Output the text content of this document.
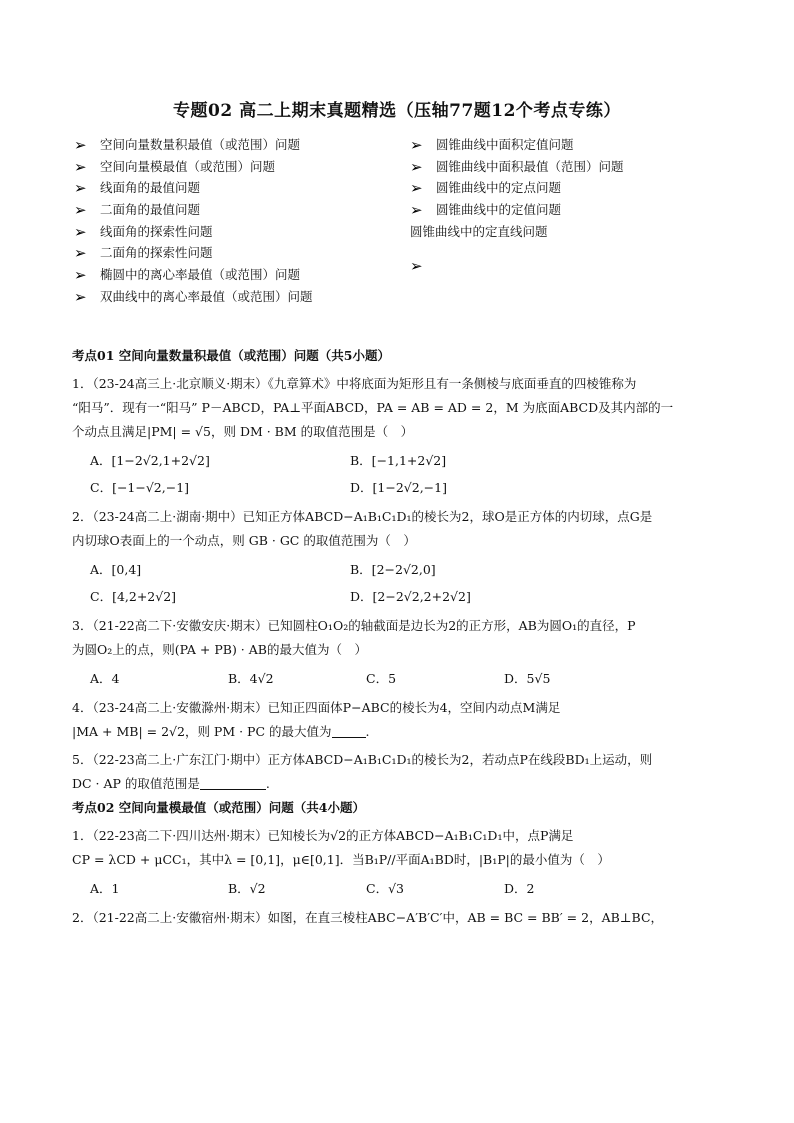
专题02 高二上期末真题精选（压轴77题12个考点专练）
➢ 空间向量数量积最值（或范围）问题
➢ 空间向量模最值（或范围）问题
➢ 线面角的最值问题
➢ 二面角的最值问题
➢ 线面角的探索性问题
➢ 二面角的探索性问题
➢ 椭圆中的离心率最值（或范围）问题
➢ 双曲线中的离心率最值（或范围）问题
➢ 圆锥曲线中面积定值问题
➢ 圆锥曲线中面积最值（范围）问题
➢ 圆锥曲线中的定点问题
➢ 圆锥曲线中的定值问题
圆锥曲线中的定直线问题
➢
考点01 空间向量数量积最值（或范围）问题（共5小题）

1．（23-24高三上·北京顺义·期末）《九章算术》中将底面为矩形且有一条侧棱与底面垂直的四棱锥称为

“阳马”．现有一“阳马” P－ABCD，PA⊥平面ABCD，PA = AB = AD = 2，M 为底面ABCD及其内部的一

个动点且满足|PM| = √5，则 DM · BM 的取值范围是（　）

A．[1−2√2,1+2√2]	B．[−1,1+2√2]
C．[−1−√2,−1]	D．[1−2√2,−1]

2．（23-24高二上·湖南·期中）已知正方体ABCD−A₁B₁C₁D₁的棱长为2，球O是正方体的内切球，点G是

内切球O表面上的一个动点，则 GB · GC 的取值范围为（　）

A．[0,4]	B．[2−2√2,0]
C．[4,2+2√2]	D．[2−2√2,2+2√2]

3．（21-22高二下·安徽安庆·期末）已知圆柱O₁O₂的轴截面是边长为2的正方形，AB为圆O₁的直径，P

为圆O₂上的点，则(PA + PB) · AB的最大值为（　）

A．4	B．4√2	C．5	D．5√5

4．（23-24高二上·安徽滁州·期末）已知正四面体P−ABC的棱长为4，空间内动点M满足

|MA + MB| = 2√2，则 PM · PC 的最大值为	.

5．（22-23高二上·广东江门·期中）正方体ABCD−A₁B₁C₁D₁的棱长为2，若动点P在线段BD₁上运动，则

DC · AP 的取值范围是	.

考点02 空间向量模最值（或范围）问题（共4小题）

1．（22-23高二下·四川达州·期末）已知棱长为√2的正方体ABCD−A₁B₁C₁D₁中，点P满足

CP = λCD + μCC₁，其中λ = [0,1]，μ∈[0,1]．当B₁P//平面A₁BD时，|B₁P|的最小值为（　）

A．1	B．√2	C．√3	D．2

2．（21-22高二上·安徽宿州·期末）如图，在直三棱柱ABC−A′B′C′中，AB = BC = BB′ = 2，AB⊥BC，
